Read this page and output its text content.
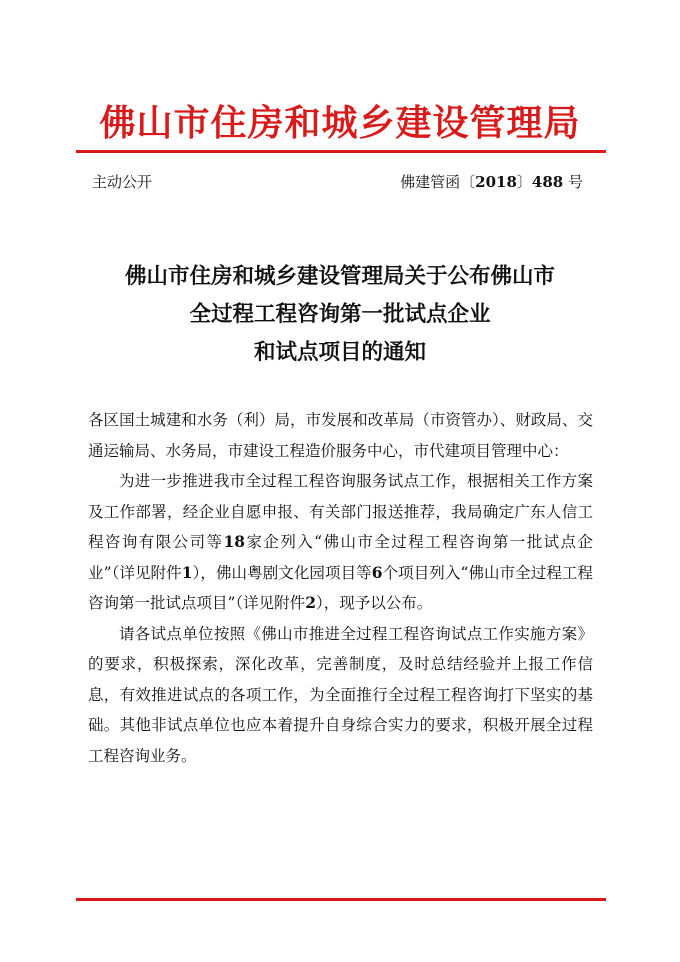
佛山市住房和城乡建设管理局
主动公开	佛建管函〔2018〕488 号
佛山市住房和城乡建设管理局关于公布佛山市
全过程工程咨询第一批试点企业
和试点项目的通知

各区国土城建和水务（利）局，市发展和改革局（市资管办）、财政局、交通运输局、水务局，市建设工程造价服务中心，市代建项目管理中心：

为进一步推进我市全过程工程咨询服务试点工作，根据相关工作方案及工作部署，经企业自愿申报、有关部门报送推荐，我局确定广东人信工程咨询有限公司等18家企列入“佛山市全过程工程咨询第一批试点企业”（详见附件1），佛山粤剧文化园项目等6个项目列入“佛山市全过程工程咨询第一批试点项目”（详见附件2），现予以公布。

请各试点单位按照《佛山市推进全过程工程咨询试点工作实施方案》的要求，积极探索，深化改革，完善制度，及时总结经验并上报工作信息，有效推进试点的各项工作，为全面推行全过程工程咨询打下坚实的基础。其他非试点单位也应本着提升自身综合实力的要求，积极开展全过程工程咨询业务。
